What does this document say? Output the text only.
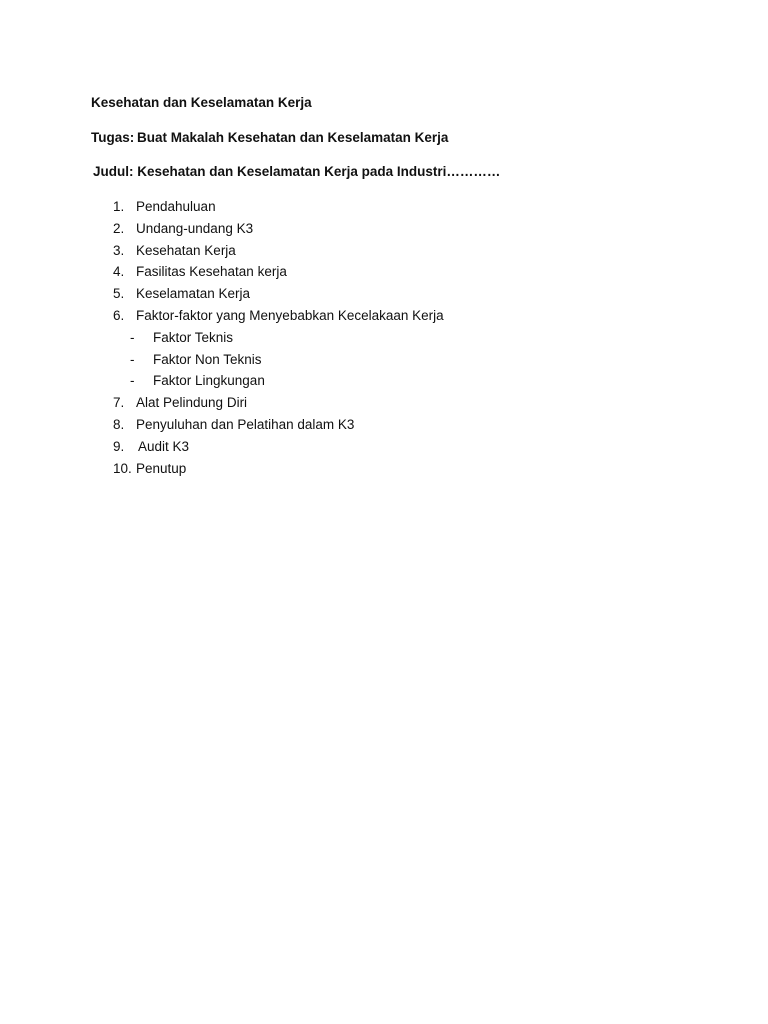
Kesehatan dan Keselamatan Kerja
Tugas: Buat Makalah Kesehatan dan Keselamatan Kerja
Judul: Kesehatan dan Keselamatan Kerja pada Industri…………
1. Pendahuluan
2. Undang-undang K3
3. Kesehatan Kerja
4. Fasilitas Kesehatan kerja
5. Keselamatan Kerja
6. Faktor-faktor yang Menyebabkan Kecelakaan Kerja
- Faktor Teknis
- Faktor Non Teknis
- Faktor Lingkungan
7. Alat Pelindung Diri
8. Penyuluhan dan Pelatihan dalam K3
9. Audit K3
10. Penutup
